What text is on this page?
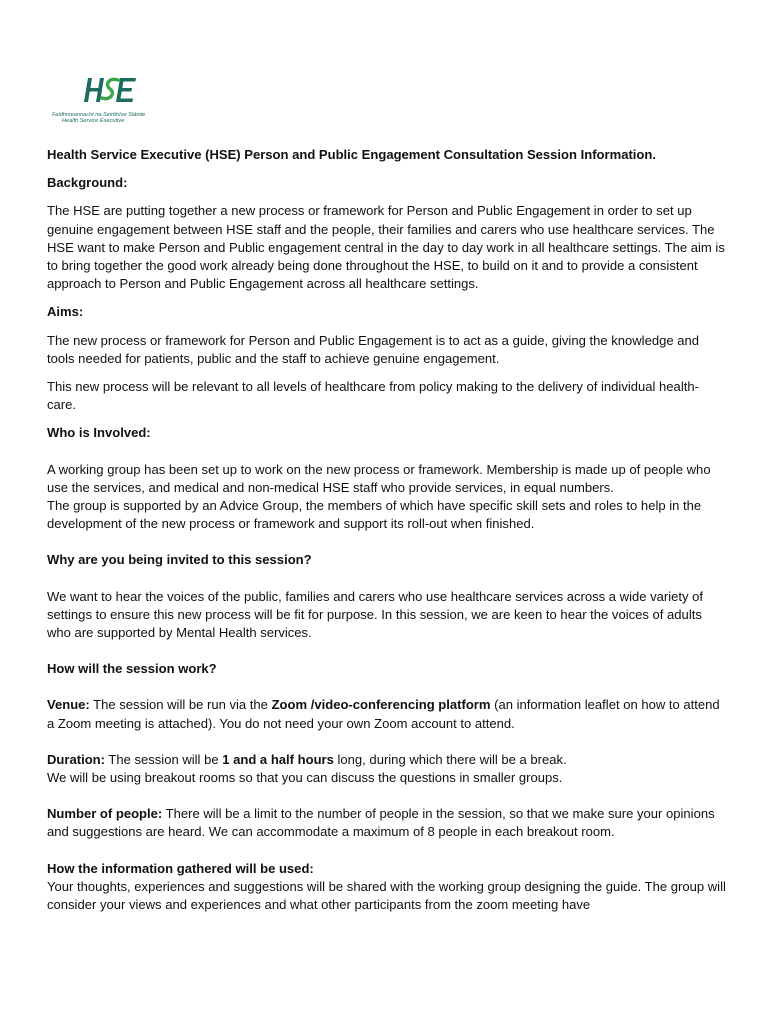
Feidhmeannacht na Seirbhíse Sláinte
Health Service Executive

Health Service Executive (HSE) Person and Public Engagement Consultation Session Information.

Background:

The HSE are putting together a new process or framework for Person and Public Engagement in order to set up genuine engagement between HSE staff and the people, their families and carers who use healthcare services. The HSE want to make Person and Public engagement central in the day to day work in all healthcare settings. The aim is to bring together the good work already being done throughout the HSE, to build on it and to provide a consistent approach to Person and Public Engagement across all healthcare settings.

Aims:

The new process or framework for Person and Public Engagement is to act as a guide, giving the knowledge and tools needed for patients, public and the staff to achieve genuine engagement.

This new process will be relevant to all levels of healthcare from policy making to the delivery of individual health-care.

Who is Involved:

A working group has been set up to work on the new process or framework. Membership is made up of people who use the services, and medical and non-medical HSE staff who provide services, in equal numbers.

The group is supported by an Advice Group, the members of which have specific skill sets and roles to help in the development of the new process or framework and support its roll-out when finished.

Why are you being invited to this session?

We want to hear the voices of the public, families and carers who use healthcare services across a wide variety of settings to ensure this new process will be fit for purpose. In this session, we are keen to hear the voices of adults who are supported by Mental Health services.

How will the session work?

Venue: The session will be run via the Zoom /video-conferencing platform (an information leaflet on how to attend a Zoom meeting is attached). You do not need your own Zoom account to attend.

Duration: The session will be 1 and a half hours long, during which there will be a break.

We will be using breakout rooms so that you can discuss the questions in smaller groups.

Number of people: There will be a limit to the number of people in the session, so that we make sure your opinions and suggestions are heard. We can accommodate a maximum of 8 people in each breakout room.

How the information gathered will be used:

Your thoughts, experiences and suggestions will be shared with the working group designing the guide. The group will consider your views and experiences and what other participants from the zoom meeting have
